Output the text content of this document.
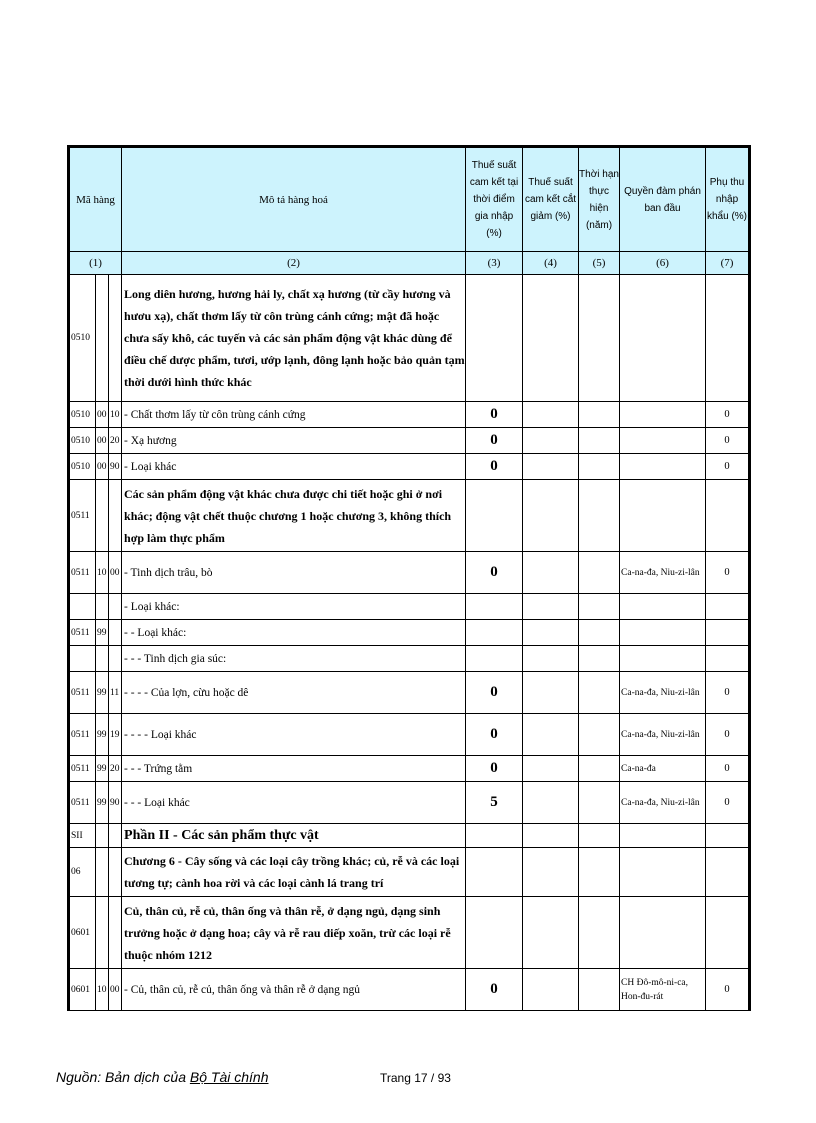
Mã hàng			Mô tả hàng hoá	Thuế suất cam kết tại thời điểm gia nhập (%)	Thuế suất cam kết cắt giảm (%)	Thời hạn thực hiện (năm)	Quyền đàm phán ban đầu	Phụ thu nhập khẩu (%)
(1)			(2)	(3)	(4)	(5)	(6)	(7)
0510			Long diên hương, hương hải ly, chất xạ hương (từ cầy hương và hươu xạ), chất thơm lấy từ côn trùng cánh cứng; mật đã hoặc chưa sấy khô, các tuyến và các sản phẩm động vật khác dùng để điều chế dược phẩm, tươi, ướp lạnh, đông lạnh hoặc bảo quản tạm thời dưới hình thức khác					
0510	00	10	- Chất thơm lấy từ côn trùng cánh cứng	0				0
0510	00	20	- Xạ hương	0				0
0510	00	90	- Loại khác	0				0
0511			Các sản phẩm động vật khác chưa được chi tiết hoặc ghi ở nơi khác; động vật chết thuộc chương 1 hoặc chương 3, không thích hợp làm thực phẩm					
0511	10	00	- Tinh dịch trâu, bò	0			Ca-na-đa, Niu-zi-lân	0
			- Loại khác:					
0511	99		- - Loại khác:					
			- - - Tinh dịch gia súc:					
0511	99	11	- - - - Của lợn, cừu hoặc dê	0			Ca-na-đa, Niu-zi-lân	0
0511	99	19	- - - - Loại khác	0			Ca-na-đa, Niu-zi-lân	0
0511	99	20	- - - Trứng tằm	0			Ca-na-đa	0
0511	99	90	- - - Loại khác	5			Ca-na-đa, Niu-zi-lân	0
SII			Phần II - Các sản phẩm thực vật					
06			Chương 6 - Cây sống và các loại cây trồng khác; củ, rễ và các loại tương tự; cành hoa rời và các loại cành lá trang trí					
0601			Củ, thân củ, rễ củ, thân ống và thân rễ, ở dạng ngủ, dạng sinh trưởng hoặc ở dạng hoa; cây và rễ rau diếp xoăn, trừ các loại rễ thuộc nhóm 1212					
0601	10	00	- Củ, thân củ, rễ củ, thân ống và thân rễ ở dạng ngủ	0			CH Đô-mô-ni-ca, Hon-đu-rát	0
Nguồn: Bản dịch của Bộ Tài chính	Trang 17 / 93
